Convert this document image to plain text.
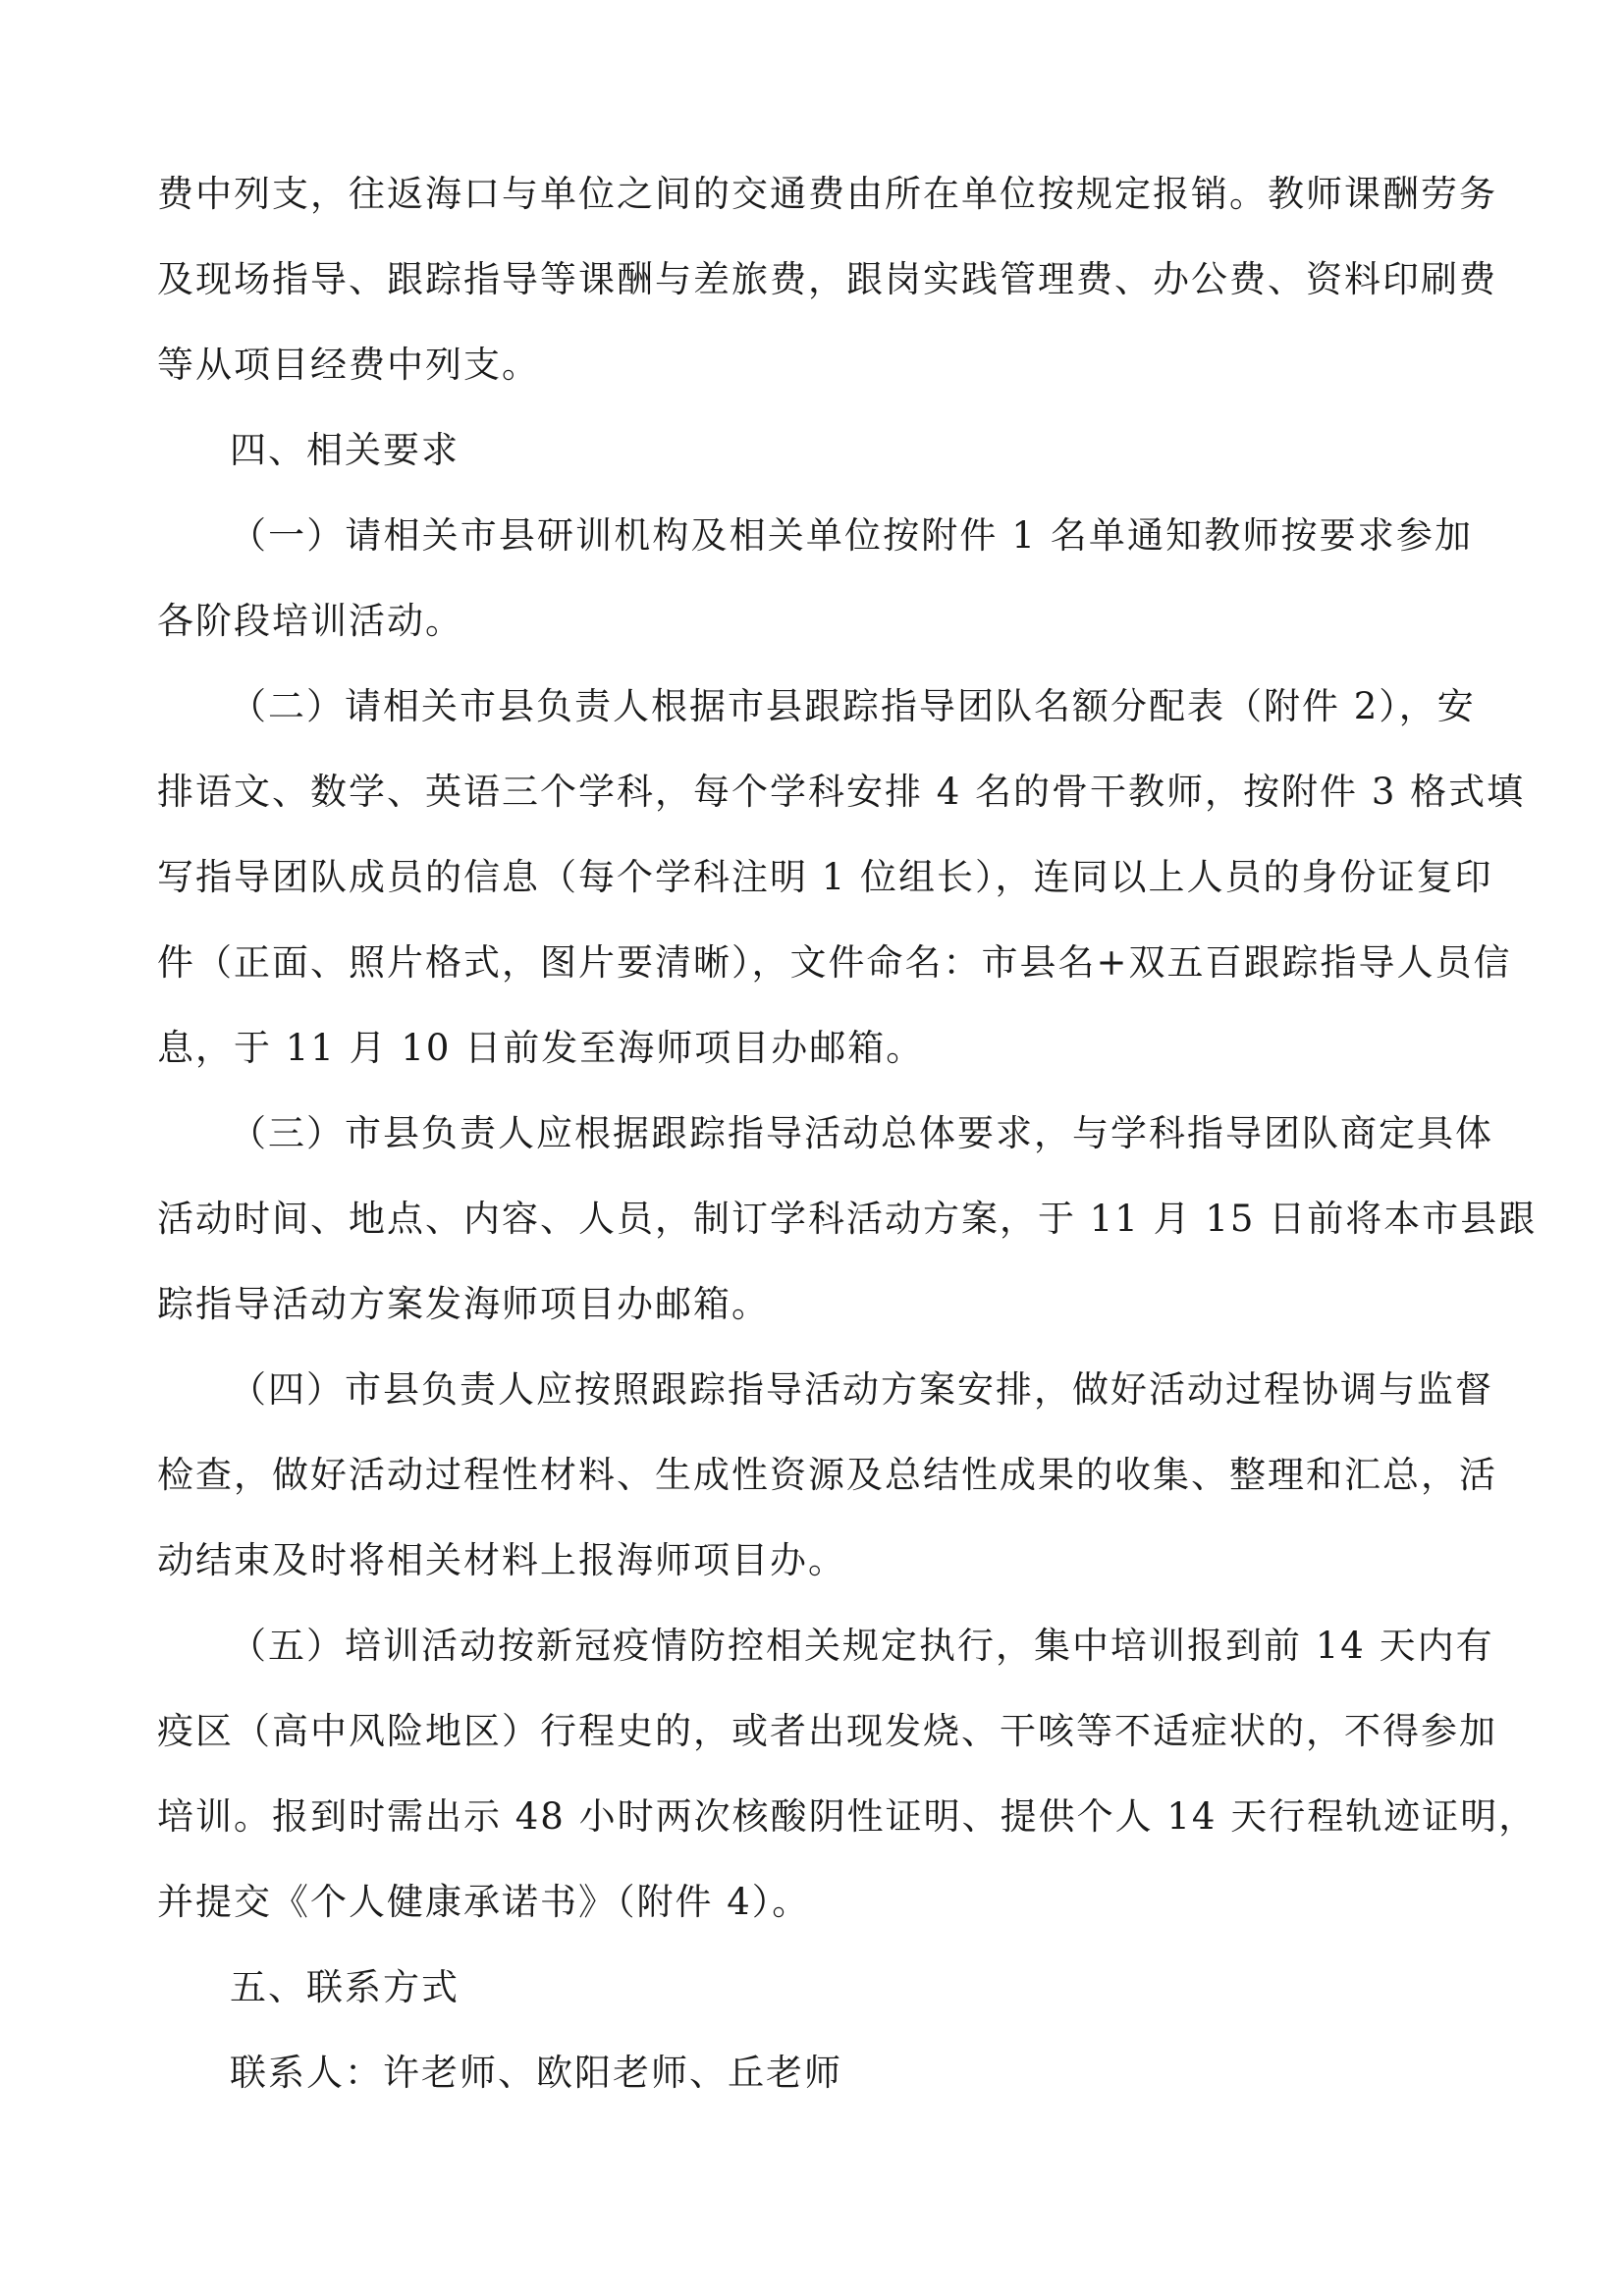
费中列支，往返海口与单位之间的交通费由所在单位按规定报销。教师课酬劳务
及现场指导、跟踪指导等课酬与差旅费，跟岗实践管理费、办公费、资料印刷费
等从项目经费中列支。
四、相关要求
（一）请相关市县研训机构及相关单位按附件 1 名单通知教师按要求参加
各阶段培训活动。
（二）请相关市县负责人根据市县跟踪指导团队名额分配表（附件 2），安
排语文、数学、英语三个学科，每个学科安排 4 名的骨干教师，按附件 3 格式填
写指导团队成员的信息（每个学科注明 1 位组长），连同以上人员的身份证复印
件（正面、照片格式，图片要清晰），文件命名：市县名+双五百跟踪指导人员信
息，于 11 月 10 日前发至海师项目办邮箱。
（三）市县负责人应根据跟踪指导活动总体要求，与学科指导团队商定具体
活动时间、地点、内容、人员，制订学科活动方案，于 11 月 15 日前将本市县跟
踪指导活动方案发海师项目办邮箱。
（四）市县负责人应按照跟踪指导活动方案安排，做好活动过程协调与监督
检查，做好活动过程性材料、生成性资源及总结性成果的收集、整理和汇总，活
动结束及时将相关材料上报海师项目办。
（五）培训活动按新冠疫情防控相关规定执行，集中培训报到前 14 天内有
疫区（高中风险地区）行程史的，或者出现发烧、干咳等不适症状的，不得参加
培训。报到时需出示 48 小时两次核酸阴性证明、提供个人 14 天行程轨迹证明，
并提交《个人健康承诺书》（附件 4）。
五、联系方式
联系人：许老师、欧阳老师、丘老师
